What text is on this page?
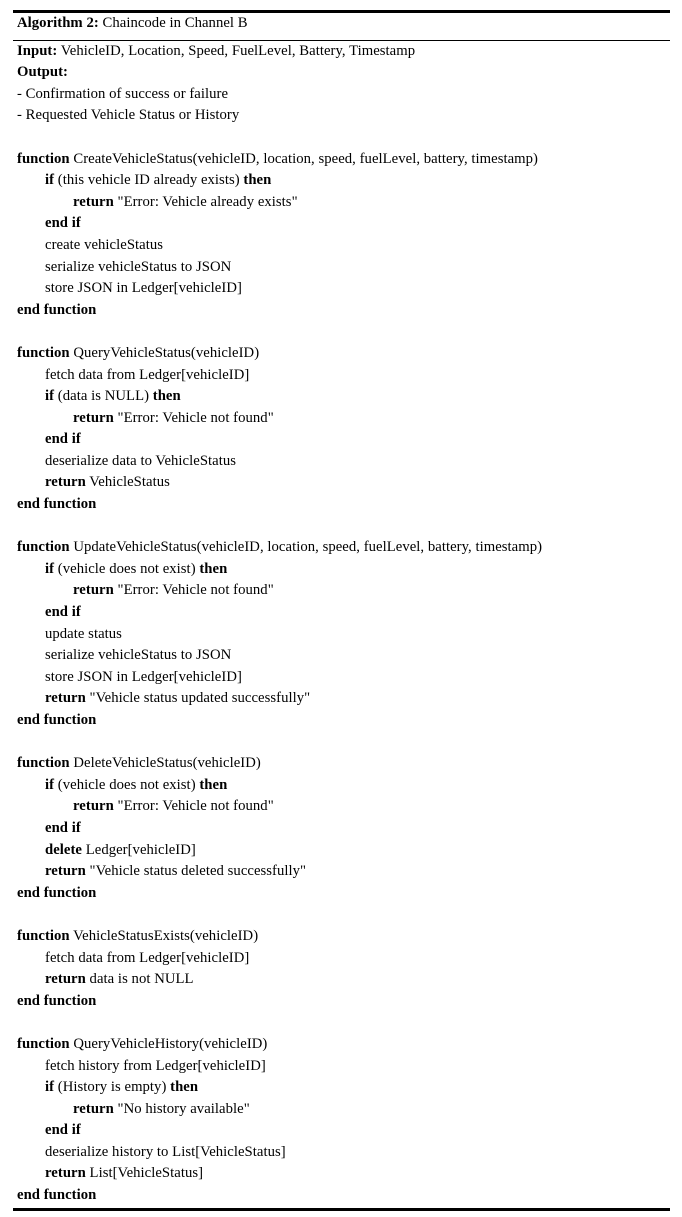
Algorithm 2: Chaincode in Channel B
Input: VehicleID, Location, Speed, FuelLevel, Battery, Timestamp
Output:
- Confirmation of success or failure
- Requested Vehicle Status or History
function CreateVehicleStatus(vehicleID, location, speed, fuelLevel, battery, timestamp)
if (this vehicle ID already exists) then
return "Error: Vehicle already exists"
end if
create vehicleStatus
serialize vehicleStatus to JSON
store JSON in Ledger[vehicleID]
end function
function QueryVehicleStatus(vehicleID)
fetch data from Ledger[vehicleID]
if (data is NULL) then
return "Error: Vehicle not found"
end if
deserialize data to VehicleStatus
return VehicleStatus
end function
function UpdateVehicleStatus(vehicleID, location, speed, fuelLevel, battery, timestamp)
if (vehicle does not exist) then
return "Error: Vehicle not found"
end if
update status
serialize vehicleStatus to JSON
store JSON in Ledger[vehicleID]
return "Vehicle status updated successfully"
end function
function DeleteVehicleStatus(vehicleID)
if (vehicle does not exist) then
return "Error: Vehicle not found"
end if
delete Ledger[vehicleID]
return "Vehicle status deleted successfully"
end function
function VehicleStatusExists(vehicleID)
fetch data from Ledger[vehicleID]
return data is not NULL
end function
function QueryVehicleHistory(vehicleID)
fetch history from Ledger[vehicleID]
if (History is empty) then
return "No history available"
end if
deserialize history to List[VehicleStatus]
return List[VehicleStatus]
end function
